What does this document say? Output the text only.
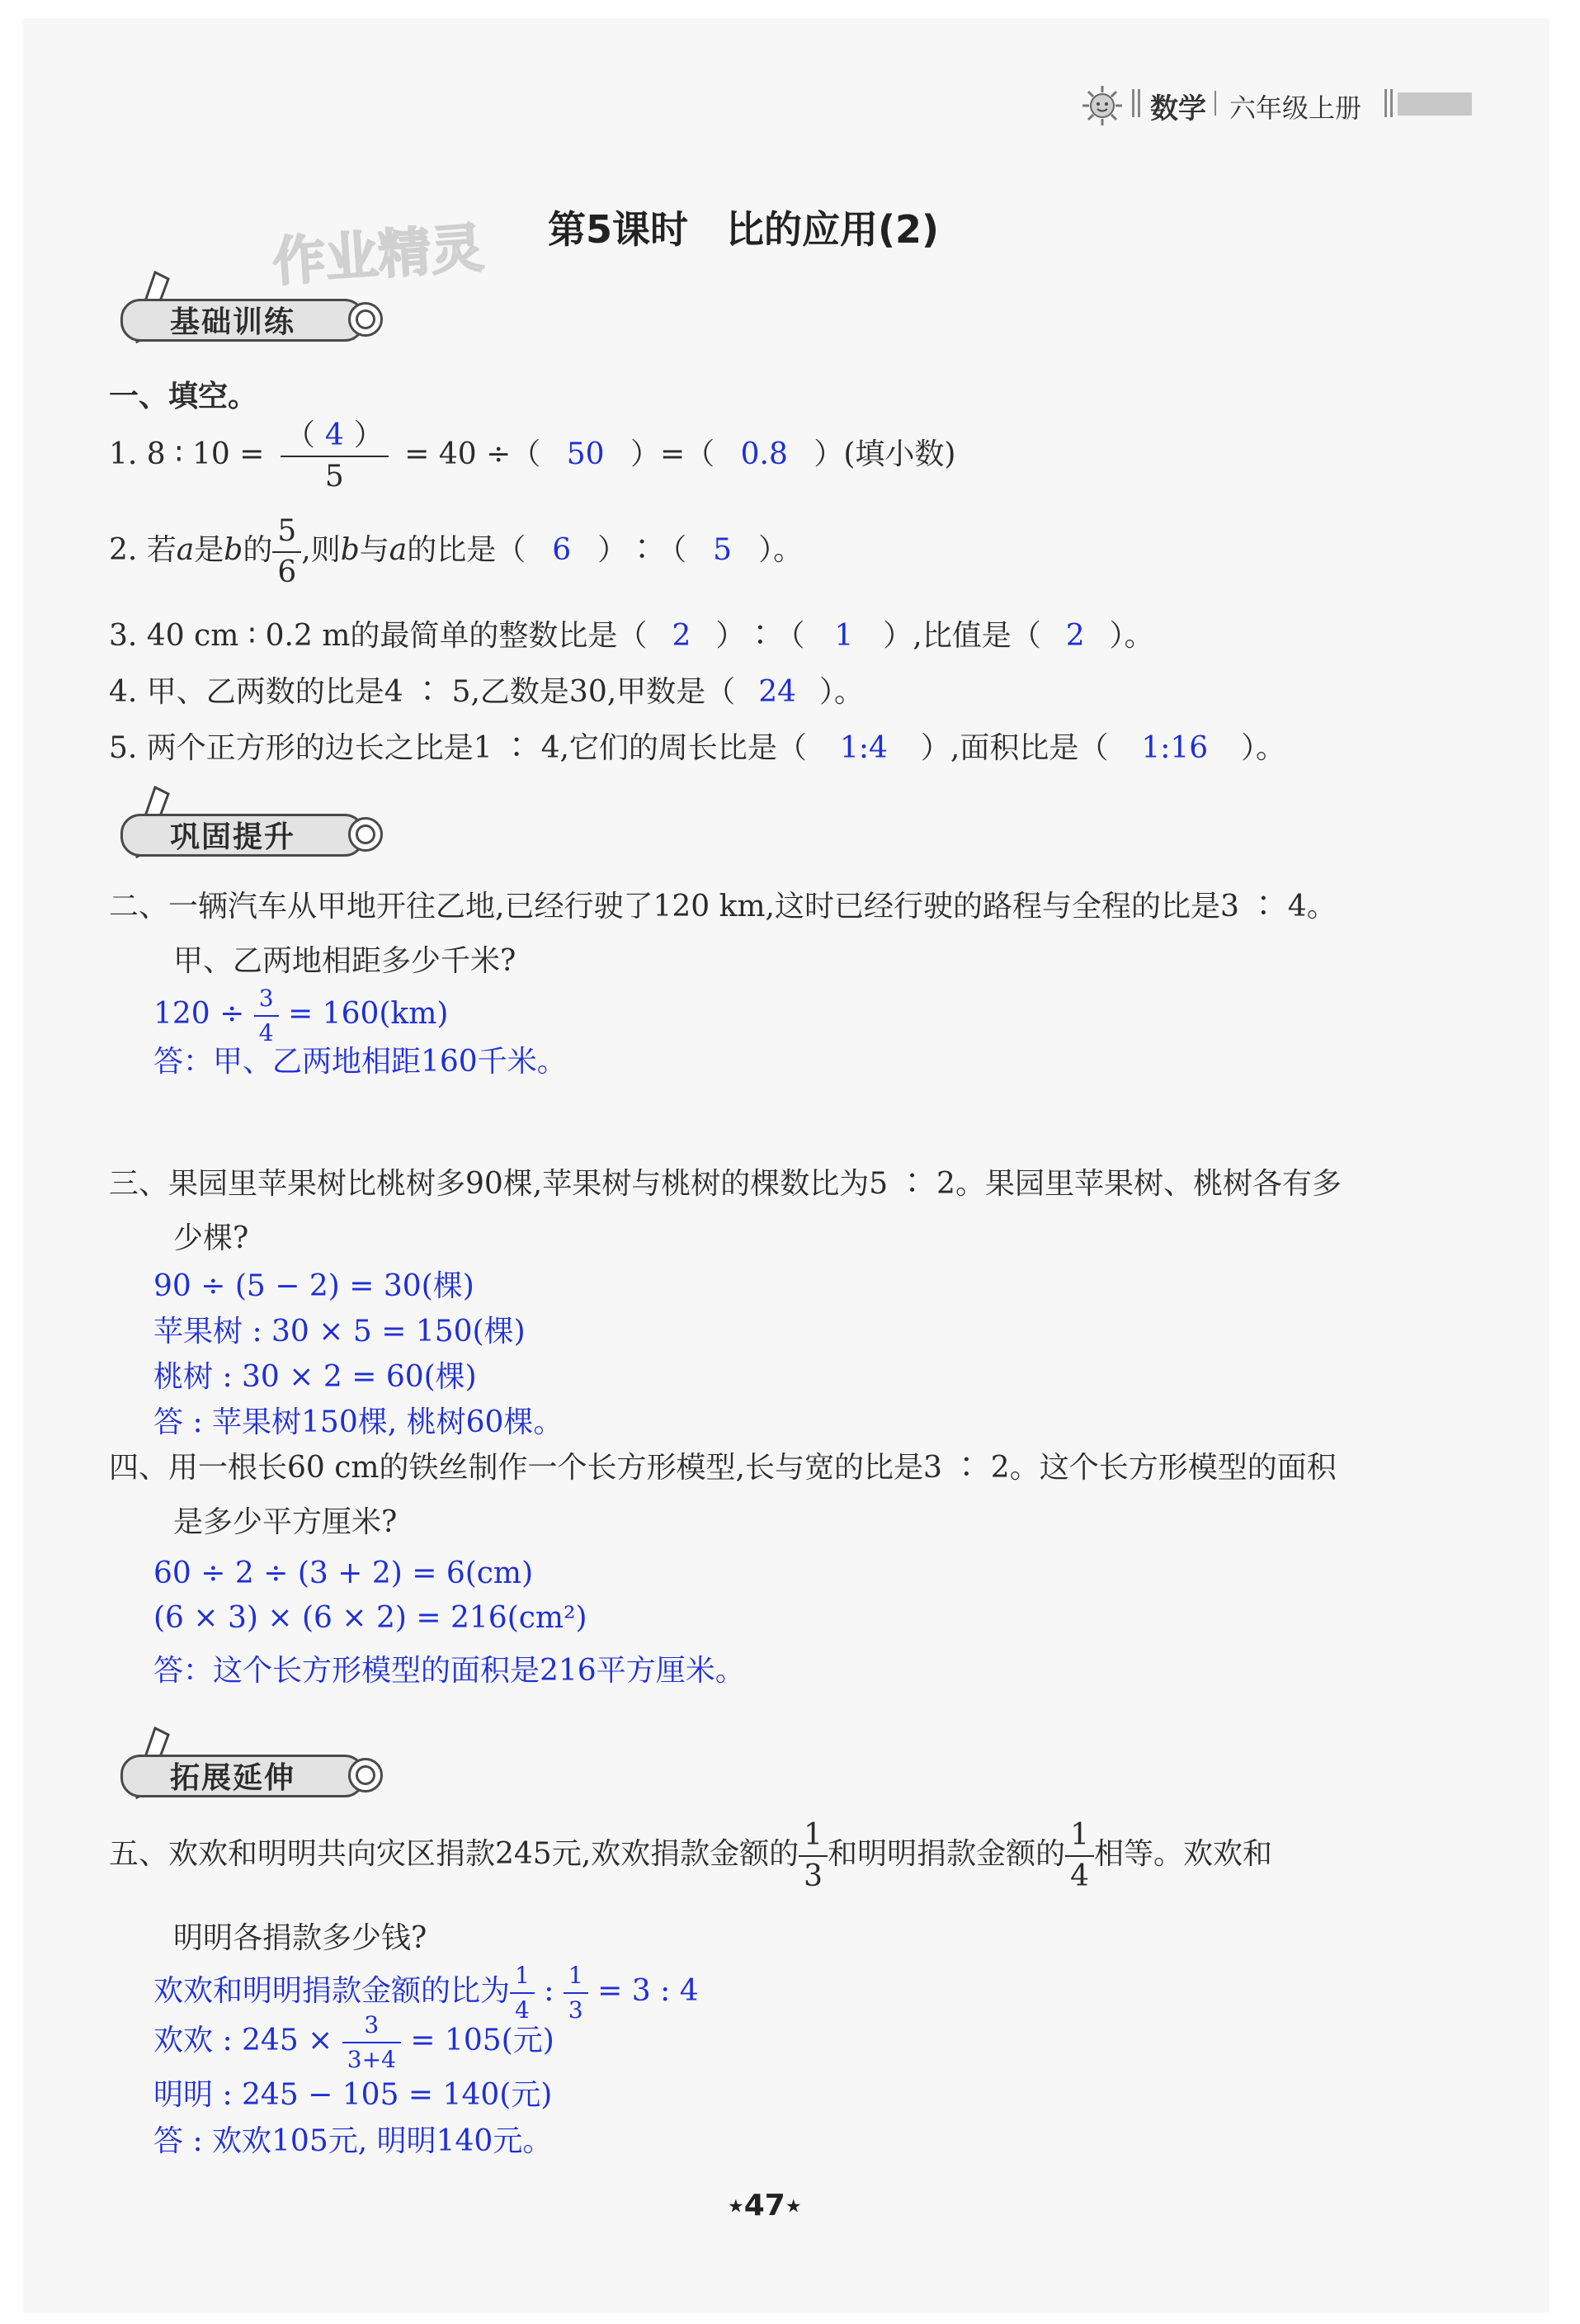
数学 六年级上册
作业精灵 第5课时　比的应用(2)
基础训练
一、填空。
1. 8 ∶ $10 = \frac{( 4 )}{5} = 40$ ÷（ 50 ）=（ 0.8 ）(填小数)
2. 若a是b的 $\frac{5}{6}$ ,则b与a的比是（ 6 ）∶（ 5 ）。
3. 40 cm ∶ 0.2 m的最简单的整数比是（ 2 ）∶（ 1 ）,比值是（ 2 ）。
4. 甲、乙两数的比是4 ∶ 5,乙数是30,甲数是（ 24 ）。
5. 两个正方形的边长之比是1 ∶ 4,它们的周长比是（ 1:4 ）,面积比是（ 1:16 ）。
巩固提升
二、一辆汽车从甲地开往乙地,已经行驶了120 km,这时已经行驶的路程与全程的比是3 ∶ 4。
甲、乙两地相距多少千米?
$120 \div \frac{3}{4} = 160(km)$
答：甲、乙两地相距160千米。
三、果园里苹果树比桃树多90棵,苹果树与桃树的棵数比为5 ∶ 2。果园里苹果树、桃树各有多
少棵?
90 ÷ (5 − 2) = 30(棵)
苹果树 : 30 × 5 = 150(棵)
桃树 : 30 × 2 = 60(棵)
答 : 苹果树150棵, 桃树60棵。
四、用一根长60 cm的铁丝制作一个长方形模型,长与宽的比是3 ∶ 2。这个长方形模型的面积
是多少平方厘米?
60 ÷ 2 ÷ (3 + 2) = 6(cm)
(6 × 3) × (6 × 2) = 216(cm²)
答：这个长方形模型的面积是216平方厘米。
拓展延伸
五、欢欢和明明共向灾区捐款245元,欢欢捐款金额的 $\frac{1}{3}$ 和明明捐款金额的 $\frac{1}{4}$ 相等。欢欢和
明明各捐款多少钱?
欢欢和明明捐款金额的比为 $\frac{1}{4}$ : $\frac{1}{3} = 3$ : 4
欢欢 : $245 \times \frac{3}{3+4} = 105$(元)
明明 : 245 − 105 = 140(元)
答 : 欢欢105元, 明明140元。
★47★
